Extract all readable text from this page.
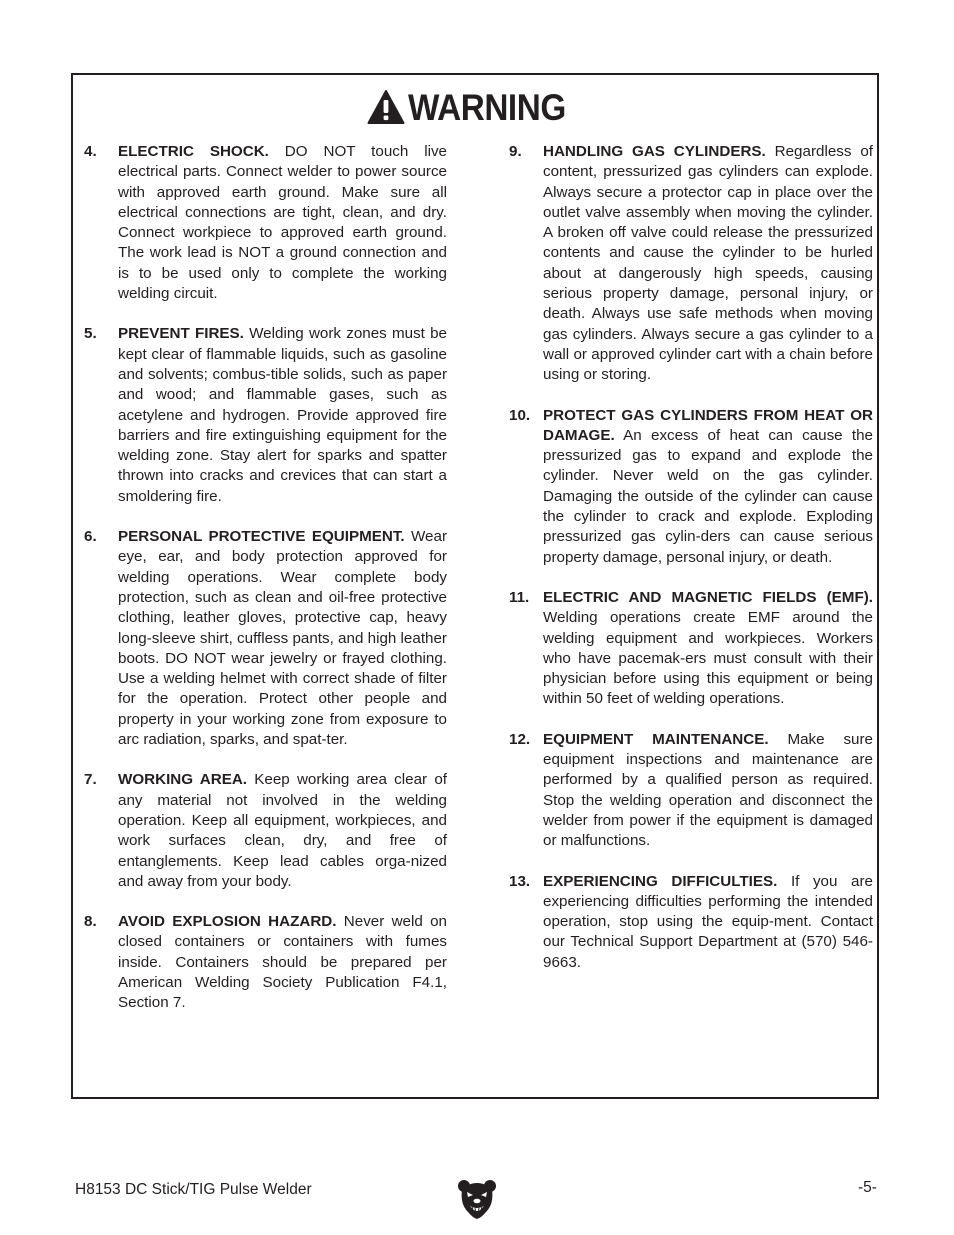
WARNING
4.	ELECTRIC SHOCK. DO NOT touch live electrical parts. Connect welder to power source with approved earth ground. Make sure all electrical connections are tight, clean, and dry. Connect workpiece to approved earth ground. The work lead is NOT a ground connection and is to be used only to complete the working welding circuit.
5.	PREVENT FIRES. Welding work zones must be kept clear of flammable liquids, such as gasoline and solvents; combus-tible solids, such as paper and wood; and flammable gases, such as acetylene and hydrogen. Provide approved fire barriers and fire extinguishing equipment for the welding zone. Stay alert for sparks and spatter thrown into cracks and crevices that can start a smoldering fire.
6.	PERSONAL PROTECTIVE EQUIPMENT. Wear eye, ear, and body protection approved for welding operations. Wear complete body protection, such as clean and oil-free protective clothing, leather gloves, protective cap, heavy long-sleeve shirt, cuffless pants, and high leather boots. DO NOT wear jewelry or frayed clothing. Use a welding helmet with correct shade of filter for the operation. Protect other people and property in your working zone from exposure to arc radiation, sparks, and spat-ter.
7.	WORKING AREA. Keep working area clear of any material not involved in the welding operation. Keep all equipment, workpieces, and work surfaces clean, dry, and free of entanglements. Keep lead cables orga-nized and away from your body.
8.	AVOID EXPLOSION HAZARD. Never weld on closed containers or containers with fumes inside. Containers should be prepared per American Welding Society Publication F4.1, Section 7.
9.	HANDLING GAS CYLINDERS. Regardless of content, pressurized gas cylinders can explode. Always secure a protector cap in place over the outlet valve assembly when moving the cylinder. A broken off valve could release the pressurized contents and cause the cylinder to be hurled about at dangerously high speeds, causing serious property damage, personal injury, or death. Always use safe methods when moving gas cylinders. Always secure a gas cylinder to a wall or approved cylinder cart with a chain before using or storing.
10. PROTECT GAS CYLINDERS FROM HEAT OR DAMAGE. An excess of heat can cause the pressurized gas to expand and explode the cylinder. Never weld on the gas cylinder. Damaging the outside of the cylinder can cause the cylinder to crack and explode. Exploding pressurized gas cylin-ders can cause serious property damage, personal injury, or death.
11. ELECTRIC AND MAGNETIC FIELDS (EMF). Welding operations create EMF around the welding equipment and workpieces. Workers who have pacemak-ers must consult with their physician before using this equipment or being within 50 feet of welding operations.
12. EQUIPMENT MAINTENANCE. Make sure equipment inspections and maintenance are performed by a qualified person as required. Stop the welding operation and disconnect the welder from power if the equipment is damaged or malfunctions.
13. EXPERIENCING DIFFICULTIES. If you are experiencing difficulties performing the intended operation, stop using the equip-ment. Contact our Technical Support Department at (570) 546-9663.
H8153 DC Stick/TIG Pulse Welder	-5-
